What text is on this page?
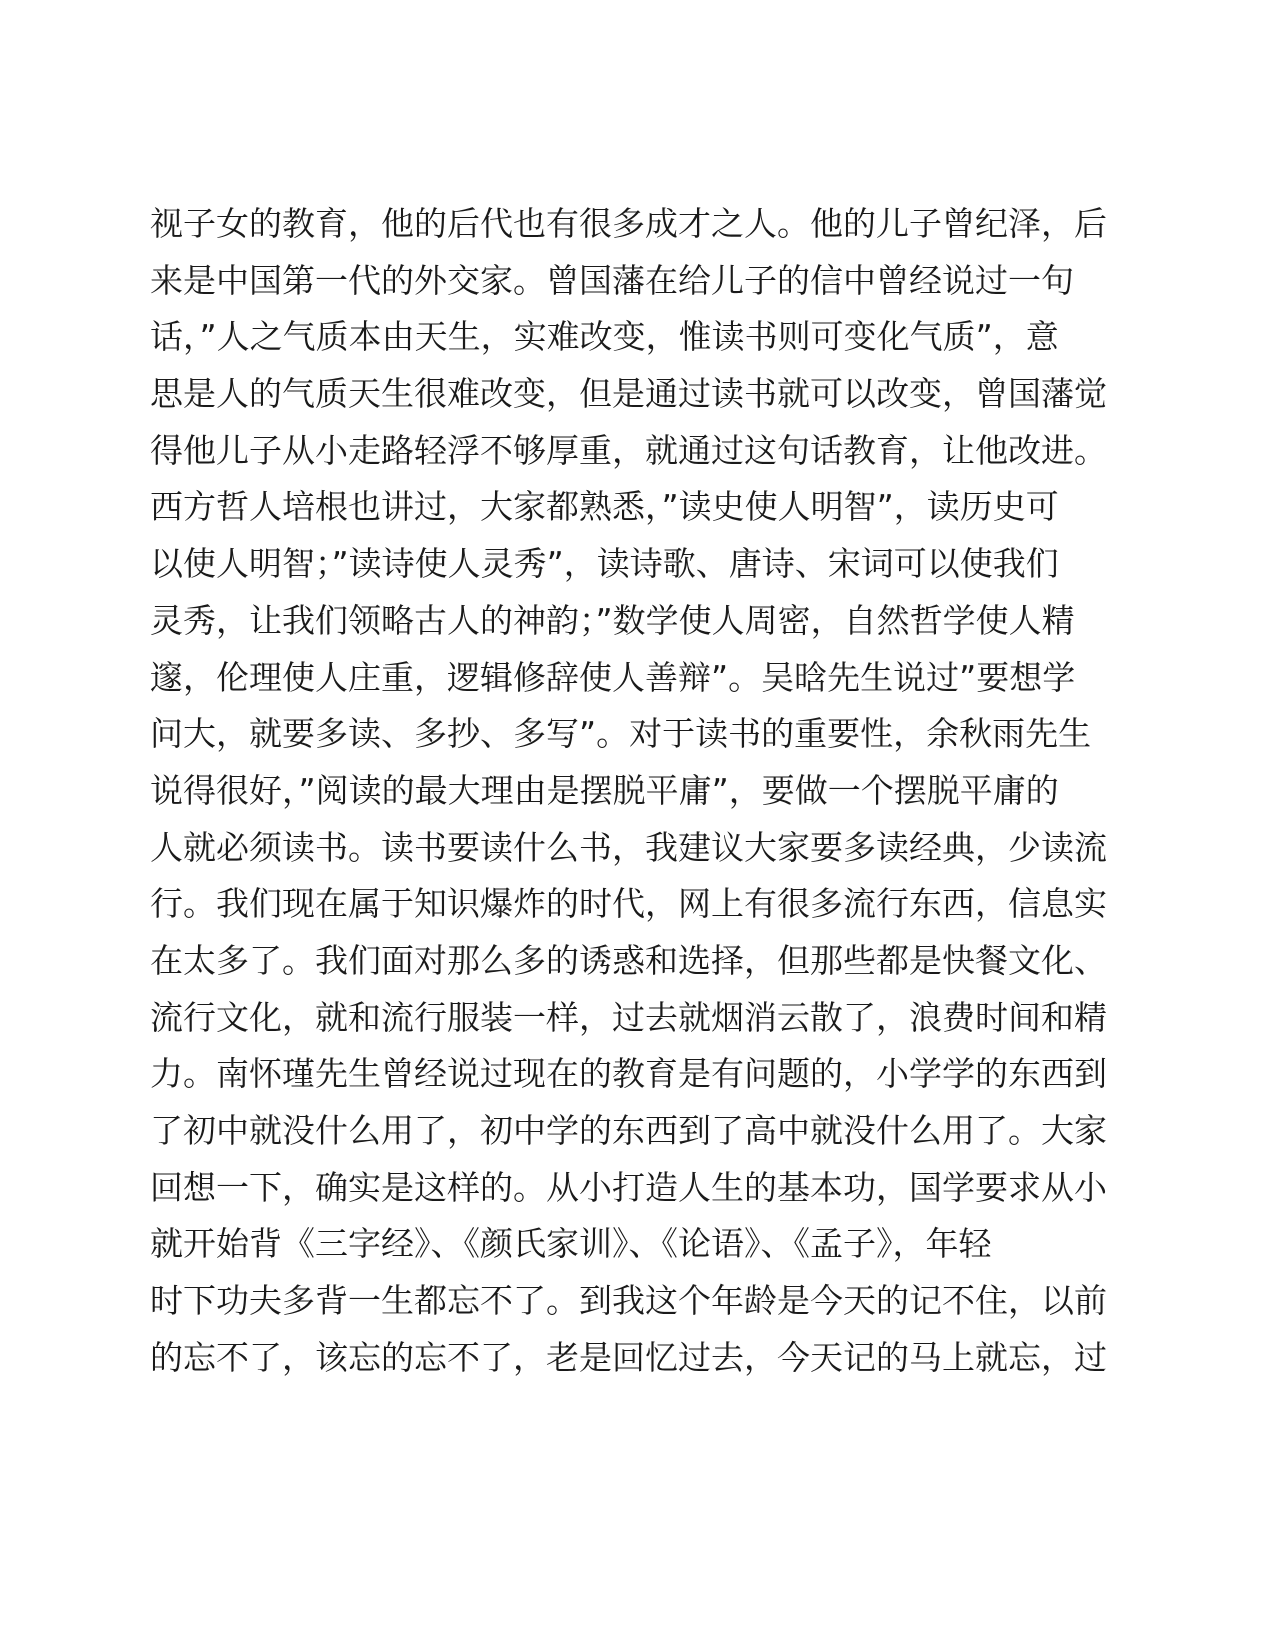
视子女的教育，他的后代也有很多成才之人。他的儿子曾纪泽，后
来是中国第一代的外交家。曾国藩在给儿子的信中曾经说过一句
话，”人之气质本由天生，实难改变，惟读书则可变化气质”，意
思是人的气质天生很难改变，但是通过读书就可以改变，曾国藩觉
得他儿子从小走路轻浮不够厚重，就通过这句话教育，让他改进。
西方哲人培根也讲过，大家都熟悉，”读史使人明智”，读历史可
以使人明智；”读诗使人灵秀”，读诗歌、唐诗、宋词可以使我们
灵秀，让我们领略古人的神韵；”数学使人周密，自然哲学使人精
邃，伦理使人庄重，逻辑修辞使人善辩”。吴晗先生说过”要想学
问大，就要多读、多抄、多写”。对于读书的重要性，余秋雨先生
说得很好，”阅读的最大理由是摆脱平庸”，要做一个摆脱平庸的
人就必须读书。读书要读什么书，我建议大家要多读经典，少读流
行。我们现在属于知识爆炸的时代，网上有很多流行东西，信息实
在太多了。我们面对那么多的诱惑和选择，但那些都是快餐文化、
流行文化，就和流行服装一样，过去就烟消云散了，浪费时间和精
力。南怀瑾先生曾经说过现在的教育是有问题的，小学学的东西到
了初中就没什么用了，初中学的东西到了高中就没什么用了。大家
回想一下，确实是这样的。从小打造人生的基本功，国学要求从小
就开始背《三字经》、《颜氏家训》、《论语》、《孟子》，年轻
时下功夫多背一生都忘不了。到我这个年龄是今天的记不住，以前
的忘不了，该忘的忘不了，老是回忆过去，今天记的马上就忘，过
